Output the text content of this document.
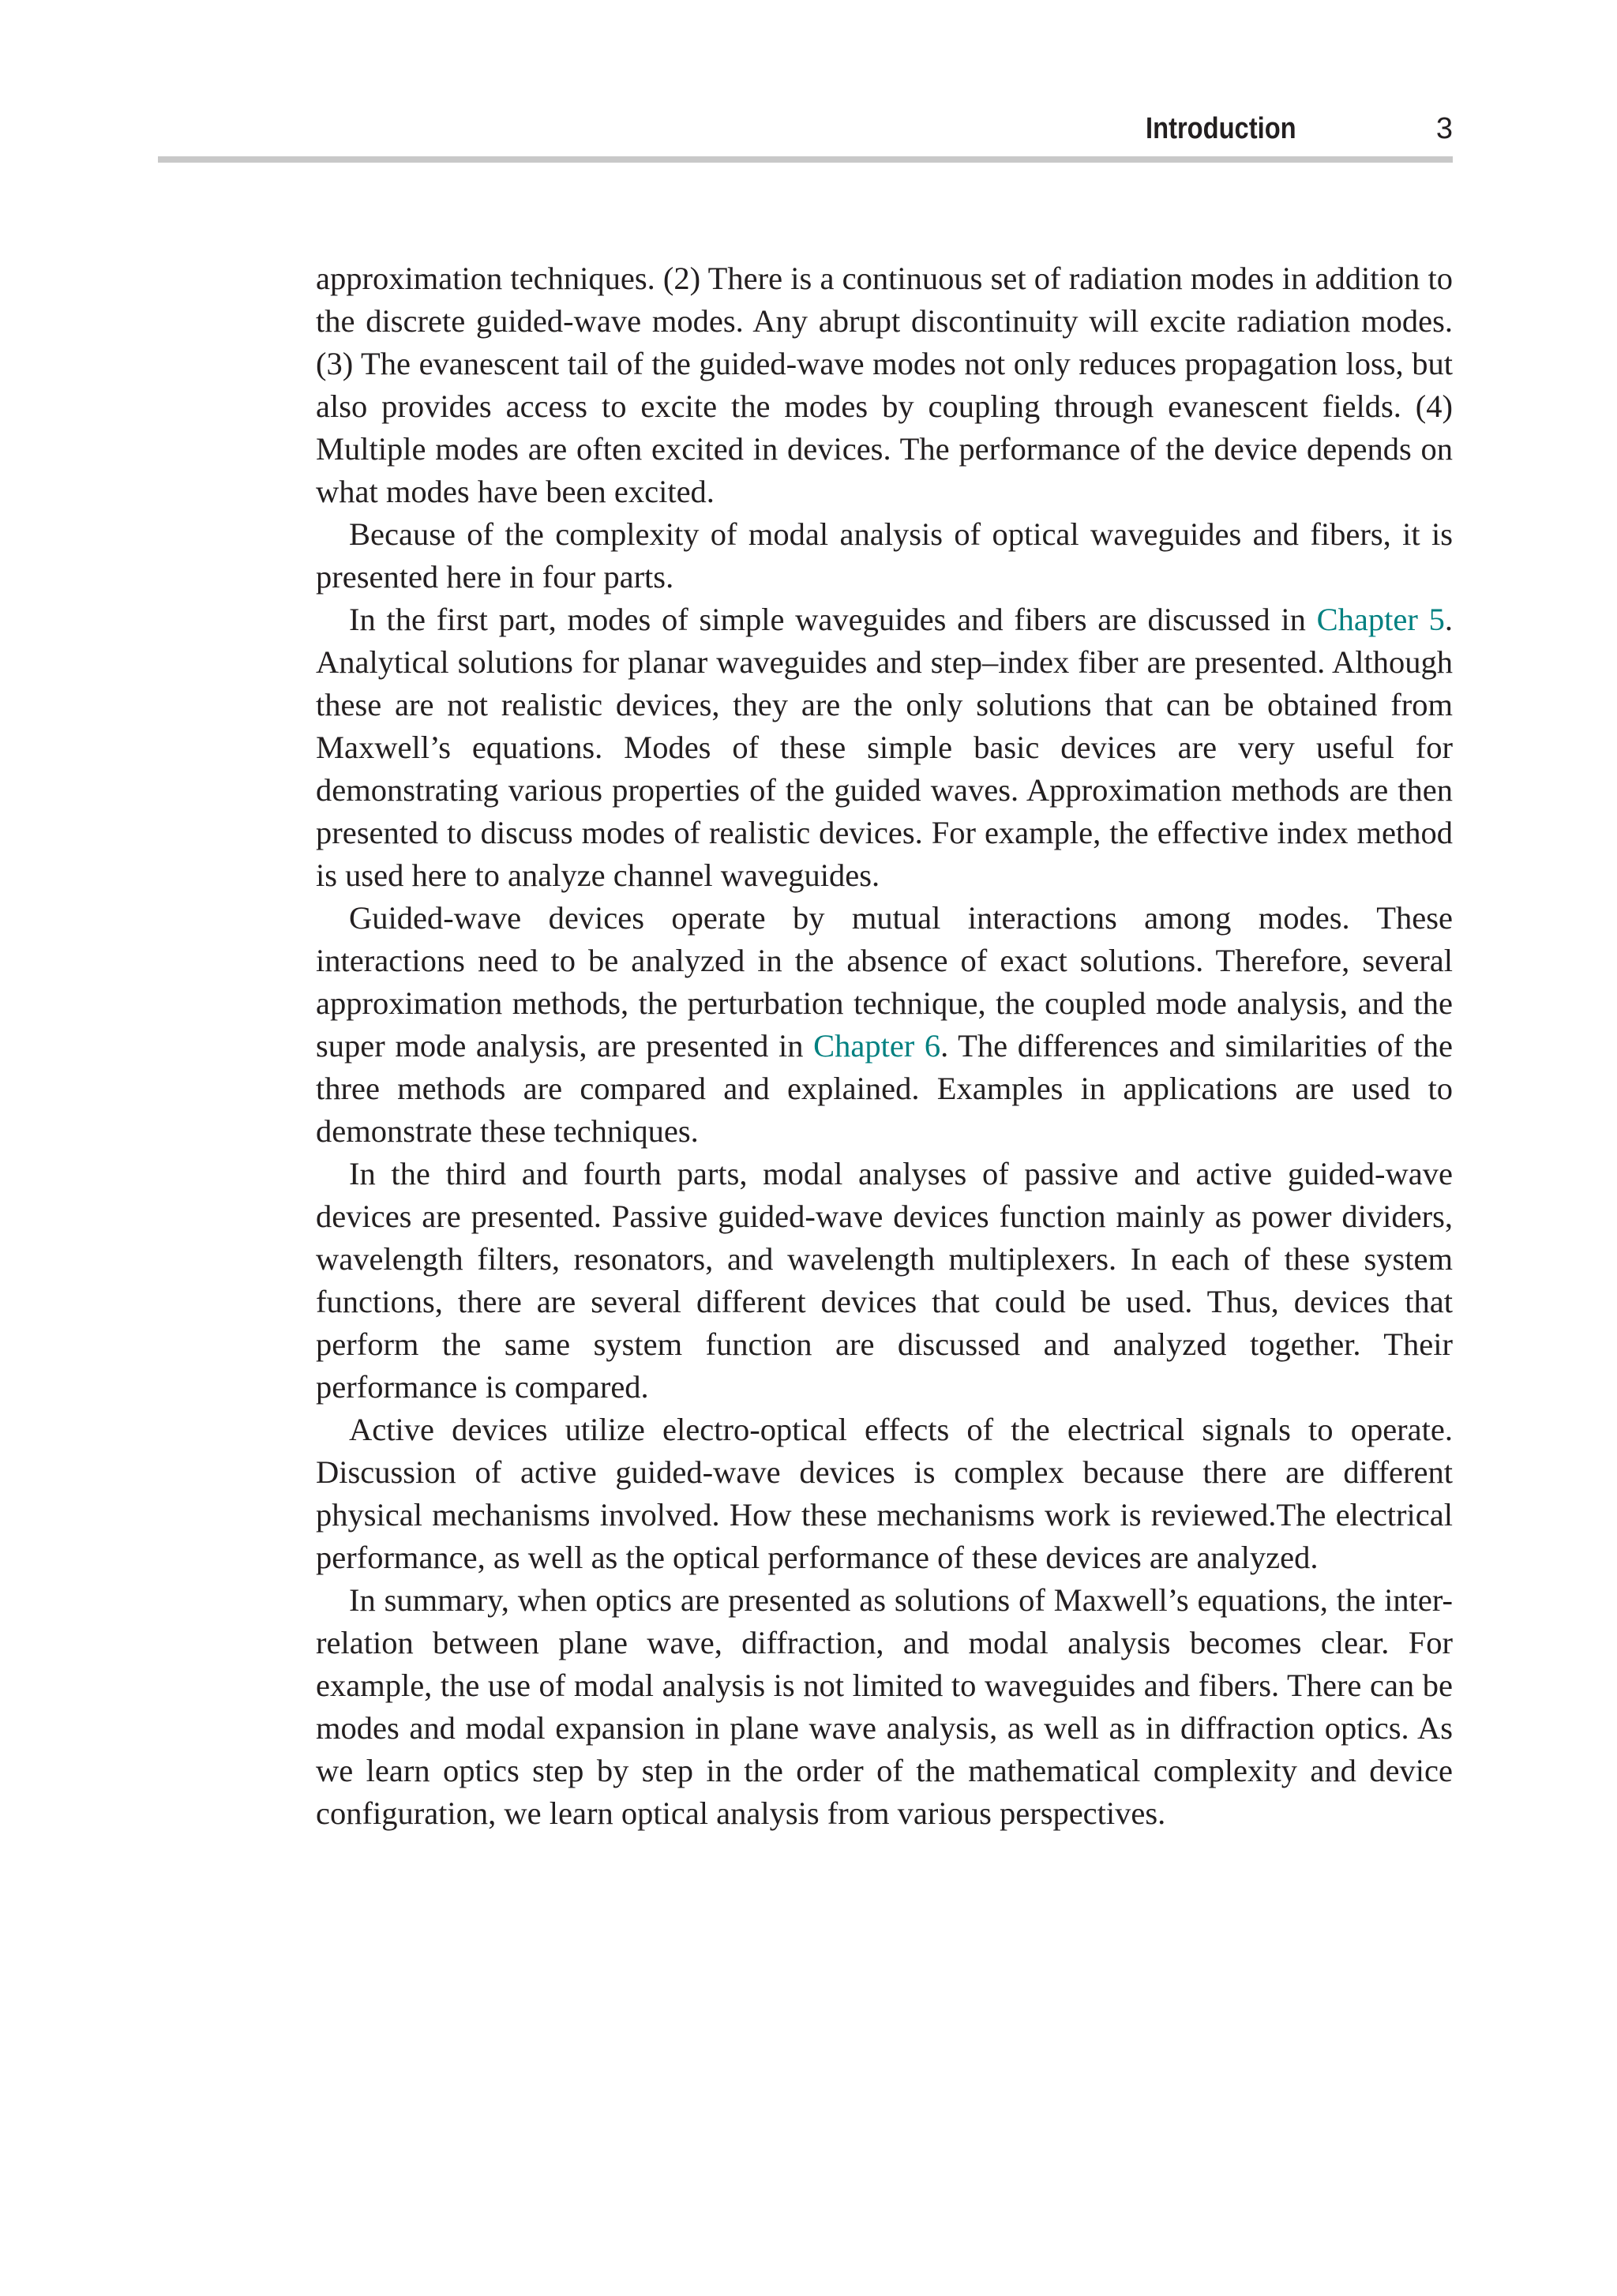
Introduction	3

approximation techniques. (2) There is a continuous set of radiation modes in addition to the discrete guided-wave modes. Any abrupt discontinuity will excite radiation modes. (3) The evanescent tail of the guided-wave modes not only reduces propagation loss, but also provides access to excite the modes by coupling through evanescent fields. (4) Multiple modes are often excited in devices. The performance of the device depends on what modes have been excited.

Because of the complexity of modal analysis of optical waveguides and fibers, it is presented here in four parts.

In the first part, modes of simple waveguides and fibers are discussed in Chapter 5. Analytical solutions for planar waveguides and step–index fiber are presented. Although these are not realistic devices, they are the only solutions that can be obtained from Maxwell’s equations. Modes of these simple basic devices are very useful for demonstrating various properties of the guided waves. Approximation methods are then presented to discuss modes of realistic devices. For example, the effective index method is used here to analyze channel waveguides.

Guided-wave devices operate by mutual interactions among modes. These interactions need to be analyzed in the absence of exact solutions. Therefore, several approximation methods, the perturbation technique, the coupled mode analysis, and the super mode analysis, are presented in Chapter 6. The differences and similarities of the three methods are compared and explained. Examples in applications are used to demonstrate these techniques.

In the third and fourth parts, modal analyses of passive and active guided-wave devices are presented. Passive guided-wave devices function mainly as power dividers, wavelength filters, resonators, and wavelength multiplexers. In each of these system functions, there are several different devices that could be used. Thus, devices that perform the same system function are discussed and analyzed together. Their performance is compared.

Active devices utilize electro-optical effects of the electrical signals to operate. Discussion of active guided-wave devices is complex because there are different physical mechanisms involved. How these mechanisms work is reviewed.The electrical performance, as well as the optical performance of these devices are analyzed.

In summary, when optics are presented as solutions of Maxwell’s equations, the inter-relation between plane wave, diffraction, and modal analysis becomes clear. For example, the use of modal analysis is not limited to waveguides and fibers. There can be modes and modal expansion in plane wave analysis, as well as in diffraction optics. As we learn optics step by step in the order of the mathematical complexity and device configuration, we learn optical analysis from various perspectives.
